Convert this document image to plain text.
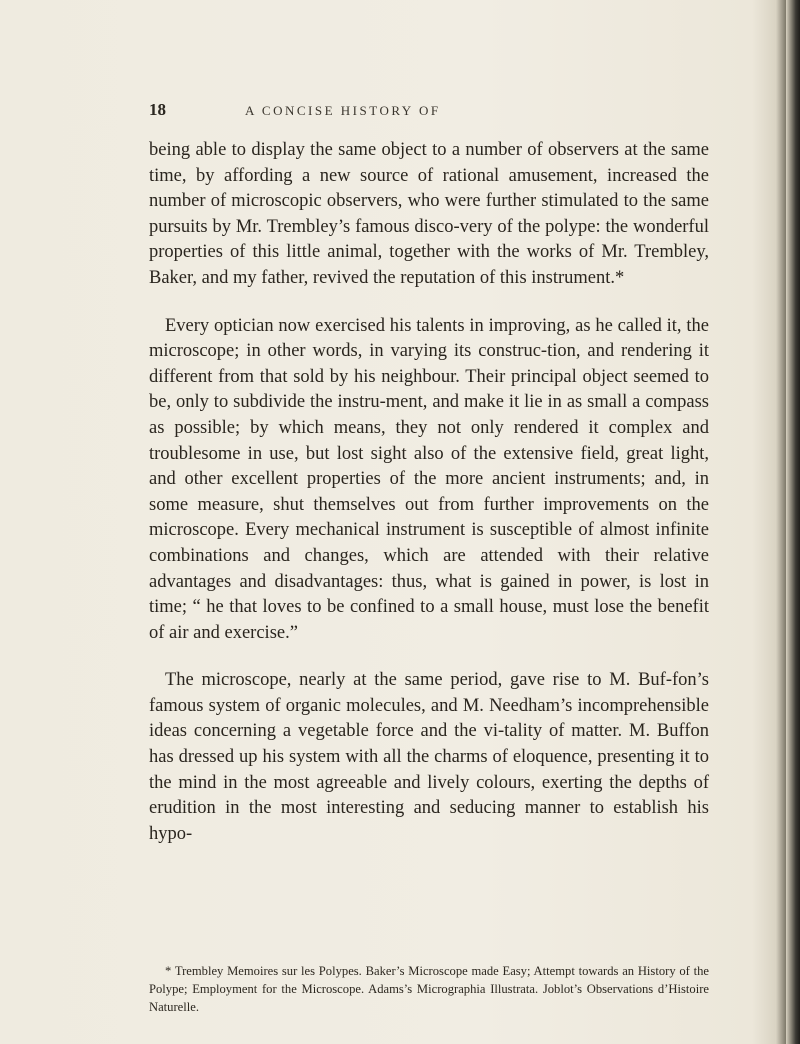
18	A CONCISE HISTORY OF

being able to display the same object to a number of observers at the same time, by affording a new source of rational amusement, increased the number of microscopic observers, who were further stimulated to the same pursuits by Mr. Trembley’s famous disco-very of the polype: the wonderful properties of this little animal, together with the works of Mr. Trembley, Baker, and my father, revived the reputation of this instrument.*

Every optician now exercised his talents in improving, as he called it, the microscope; in other words, in varying its construc-tion, and rendering it different from that sold by his neighbour. Their principal object seemed to be, only to subdivide the instru-ment, and make it lie in as small a compass as possible; by which means, they not only rendered it complex and troublesome in use, but lost sight also of the extensive field, great light, and other excellent properties of the more ancient instruments; and, in some measure, shut themselves out from further improvements on the microscope. Every mechanical instrument is susceptible of almost infinite combinations and changes, which are attended with their relative advantages and disadvantages: thus, what is gained in power, is lost in time; “ he that loves to be confined to a small house, must lose the benefit of air and exercise.”

The microscope, nearly at the same period, gave rise to M. Buf-fon’s famous system of organic molecules, and M. Needham’s incomprehensible ideas concerning a vegetable force and the vi-tality of matter. M. Buffon has dressed up his system with all the charms of eloquence, presenting it to the mind in the most agreeable and lively colours, exerting the depths of erudition in the most interesting and seducing manner to establish his hypo-

* Trembley Memoires sur les Polypes. Baker’s Microscope made Easy; Attempt towards an History of the Polype; Employment for the Microscope. Adams’s Micrographia Illustrata. Joblot’s Observations d’Histoire Naturelle.
